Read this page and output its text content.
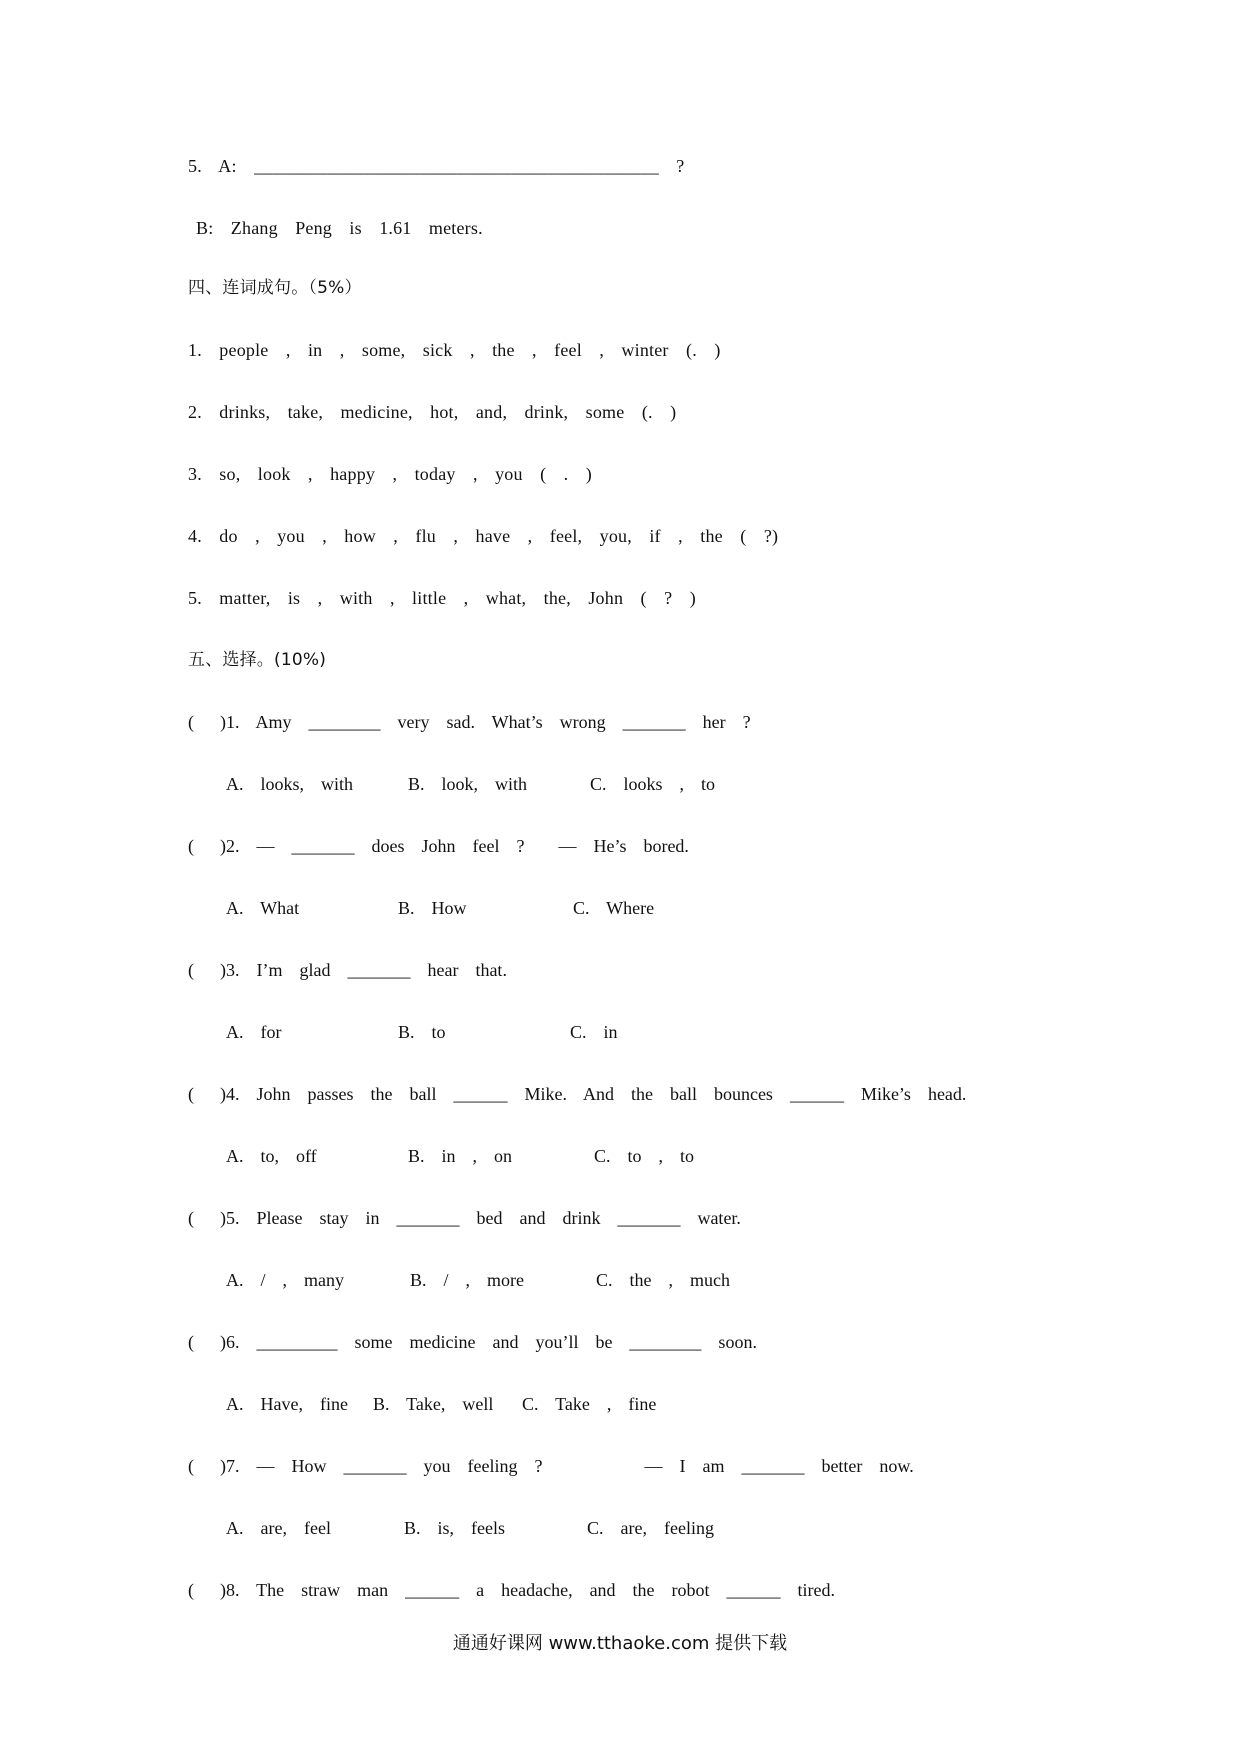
5.  A:  ____________________________________________  ?
B:  Zhang  Peng  is  1.61  meters.
四、连词成句。（5%）
1.  people  ,  in  ,  some,  sick  ,  the  ,  feel  ,  winter  (.  )
2.  drinks,  take,  medicine,  hot,  and,  drink,  some  (.  )
3.  so,  look  ,  happy  ,  today  ,  you  (  .  )
4.  do  ,  you  ,  how  ,  flu  ,  have  ,  feel,  you,  if  ,  the  (  ?)
5.  matter,  is  ,  with  ,  little  ,  what,  the,  John  (  ?  )
五、选择。(10%)
( )1.  Amy  ________  very  sad.  What’s  wrong  _______  her  ?
A.  looks,  with	B.  look,  with	C.  looks  ,  to
( )2.  —  _______  does  John  feel  ?    —  He’s  bored.
A.  What	B.  How	C.  Where
( )3.  I’m  glad  _______  hear  that.
A.  for	B.  to	C.  in
( )4.  John  passes  the  ball  ______  Mike.  And  the  ball  bounces  ______  Mike’s  head.
A.  to,  off	B.  in  ,  on	C.  to  ,  to
( )5.  Please  stay  in  _______  bed  and  drink  _______  water.
A.  /  ,  many	B.  /  ,  more	C.  the  ,  much
( )6.  _________  some  medicine  and  you’ll  be  ________  soon.
A.  Have,  fine B.  Take,  well C.  Take  ,  fine
( )7.  —  How  _______  you  feeling  ?            —  I  am  _______  better  now.
A.  are,  feel	B.  is,  feels	C.  are,  feeling
( )8.  The  straw  man  ______  a  headache,  and  the  robot  ______  tired.
通通好课网 www.tthaoke.com 提供下载
